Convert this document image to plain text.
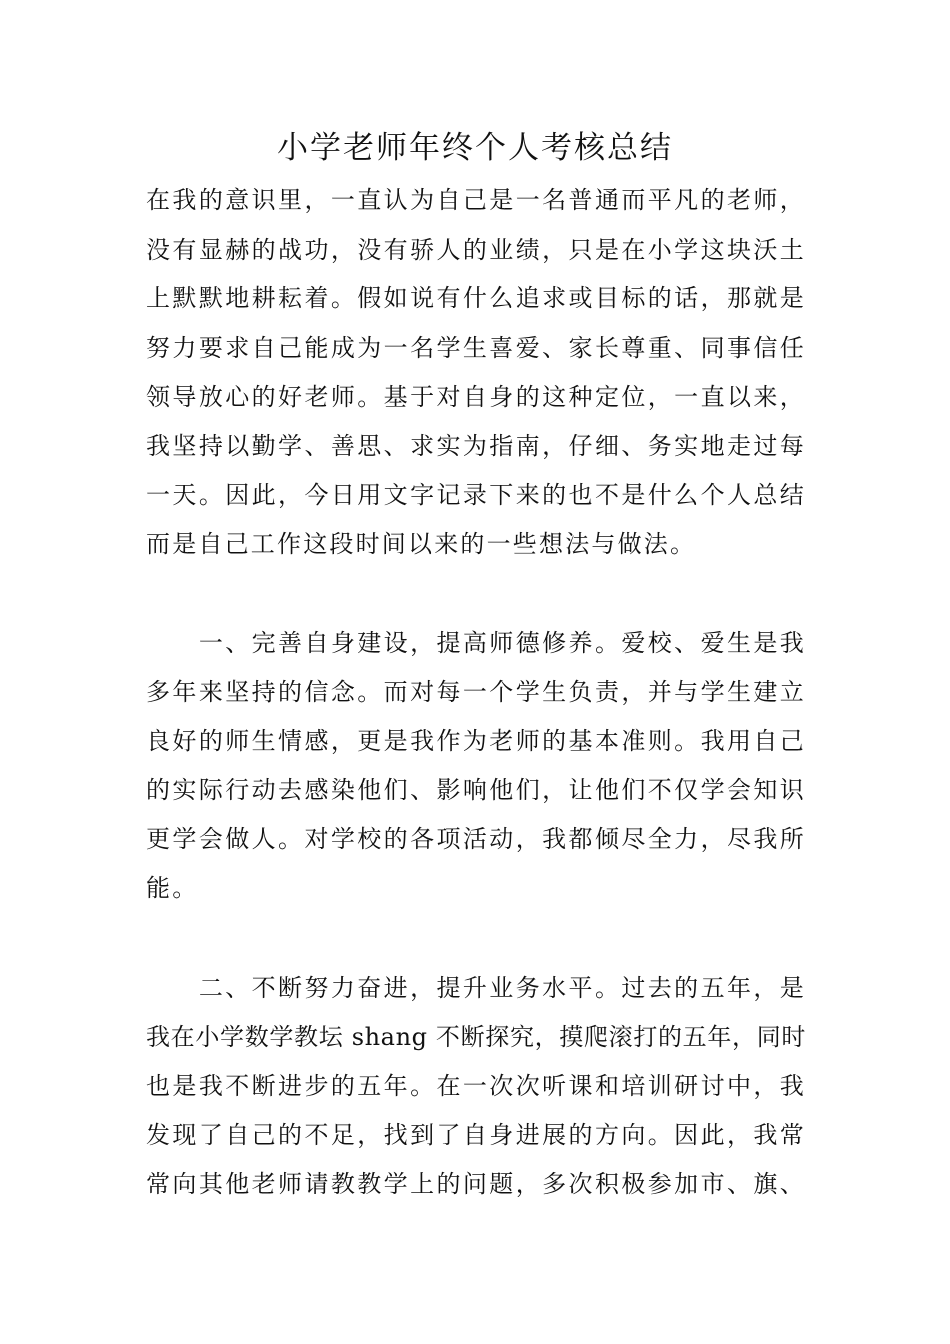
小学老师年终个人考核总结
在我的意识里，一直认为自己是一名普通而平凡的老师，
没有显赫的战功，没有骄人的业绩，只是在小学这块沃土
上默默地耕耘着。假如说有什么追求或目标的话，那就是
努力要求自己能成为一名学生喜爱、家长尊重、同事信任
领导放心的好老师。基于对自身的这种定位，一直以来，
我坚持以勤学、善思、求实为指南，仔细、务实地走过每
一天。因此，今日用文字记录下来的也不是什么个人总结
而是自己工作这段时间以来的一些想法与做法。
　　一、完善自身建设，提高师德修养。爱校、爱生是我
多年来坚持的信念。而对每一个学生负责，并与学生建立
良好的师生情感，更是我作为老师的基本准则。我用自己
的实际行动去感染他们、影响他们，让他们不仅学会知识
更学会做人。对学校的各项活动，我都倾尽全力，尽我所
能。
　　二、不断努力奋进，提升业务水平。过去的五年，是
我在小学数学教坛 shang 不断探究，摸爬滚打的五年，同时
也是我不断进步的五年。在一次次听课和培训研讨中，我
发现了自己的不足，找到了自身进展的方向。因此，我常
常向其他老师请教教学上的问题，多次积极参加市、旗、
